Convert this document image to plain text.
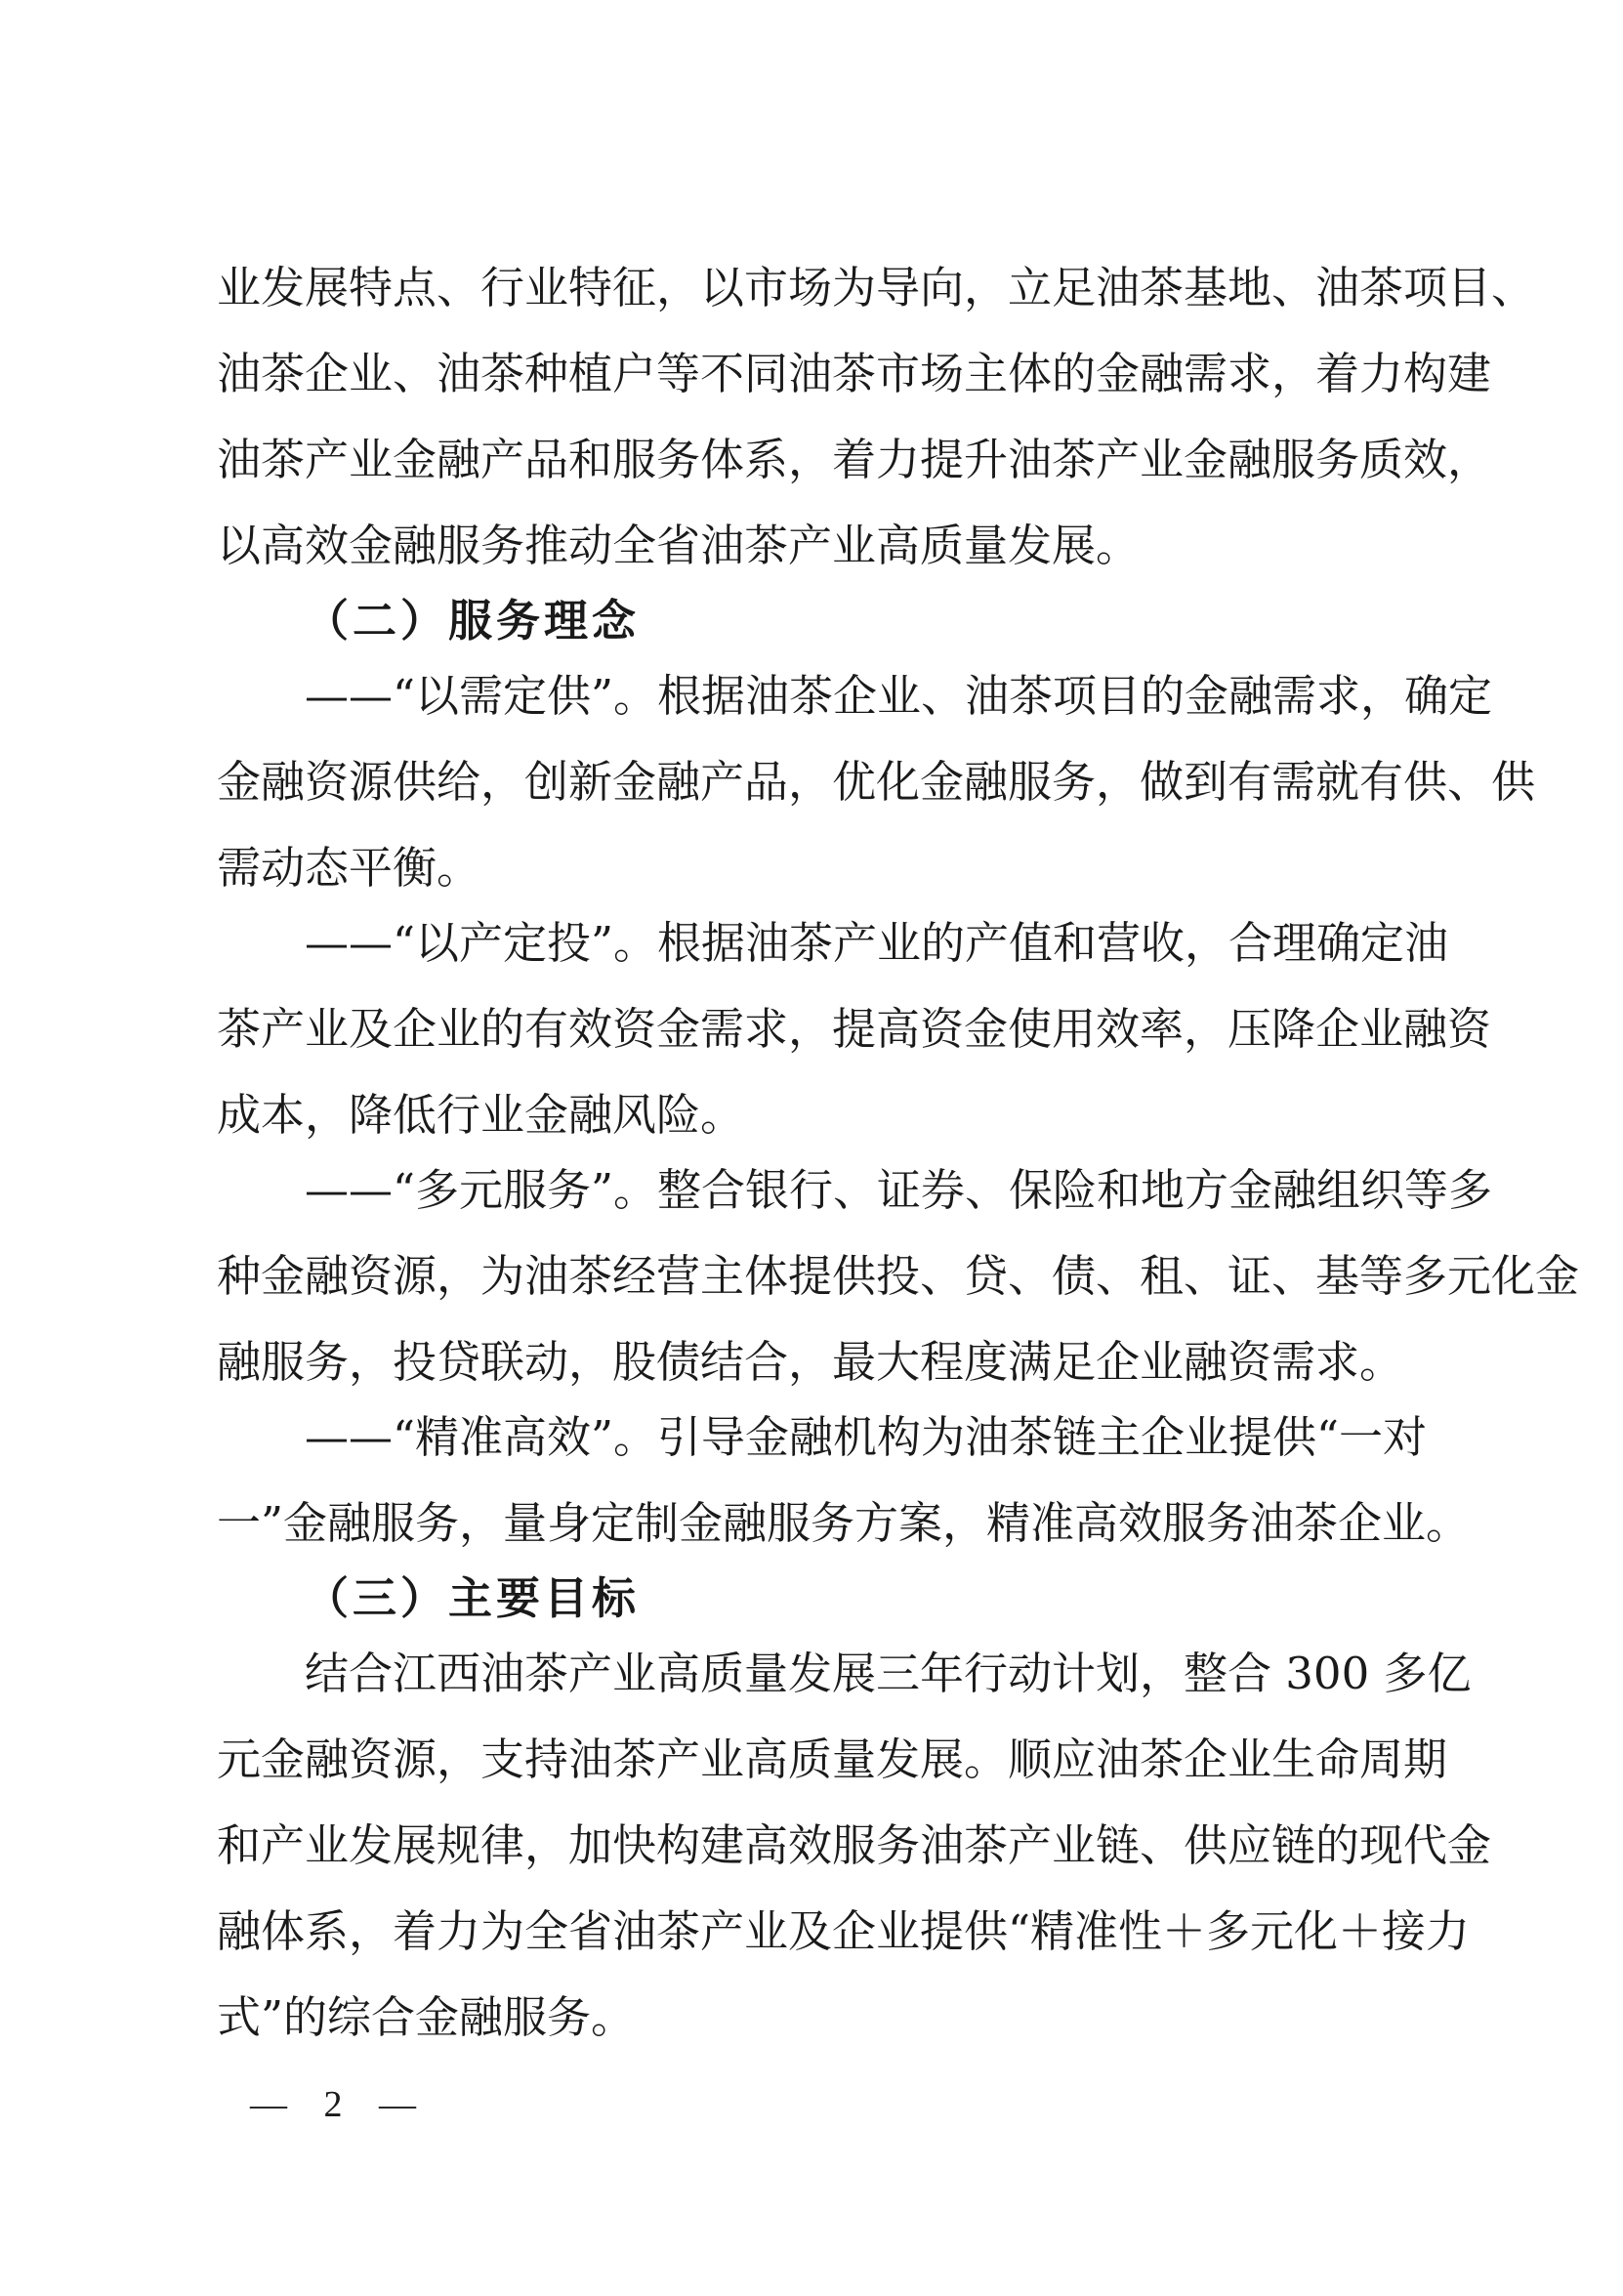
业发展特点、行业特征，以市场为导向，立足油茶基地、油茶项目、
油茶企业、油茶种植户等不同油茶市场主体的金融需求，着力构建
油茶产业金融产品和服务体系，着力提升油茶产业金融服务质效，
以高效金融服务推动全省油茶产业高质量发展。
（二）服务理念
——“以需定供”。根据油茶企业、油茶项目的金融需求，确定
金融资源供给，创新金融产品，优化金融服务，做到有需就有供、供
需动态平衡。
——“以产定投”。根据油茶产业的产值和营收，合理确定油
茶产业及企业的有效资金需求，提高资金使用效率，压降企业融资
成本，降低行业金融风险。
——“多元服务”。整合银行、证券、保险和地方金融组织等多
种金融资源，为油茶经营主体提供投、贷、债、租、证、基等多元化金
融服务，投贷联动，股债结合，最大程度满足企业融资需求。
——“精准高效”。引导金融机构为油茶链主企业提供“一对
一”金融服务，量身定制金融服务方案，精准高效服务油茶企业。
（三）主要目标
结合江西油茶产业高质量发展三年行动计划，整合 300 多亿
元金融资源，支持油茶产业高质量发展。顺应油茶企业生命周期
和产业发展规律，加快构建高效服务油茶产业链、供应链的现代金
融体系，着力为全省油茶产业及企业提供“精准性＋多元化＋接力
式”的综合金融服务。
— 2 —
